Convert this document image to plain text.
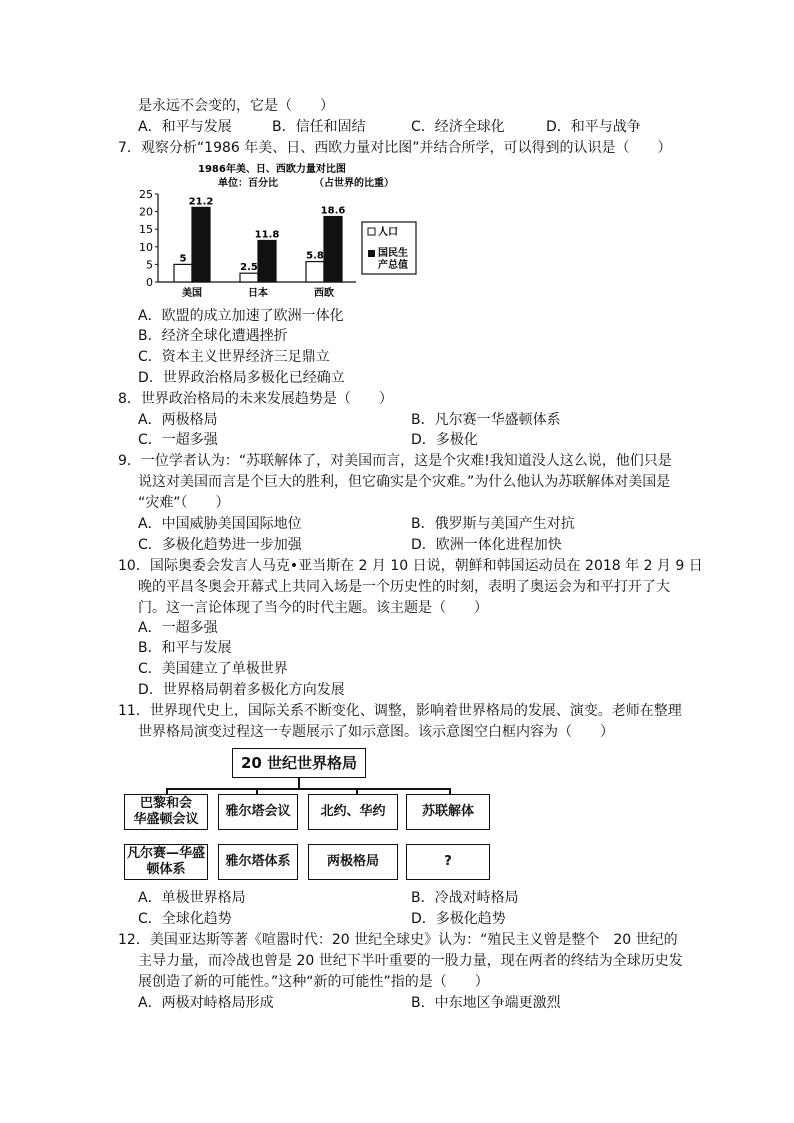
是永远不会变的，它是（　　）
A．和平与发展	B．信任和固结	C．经济全球化	D．和平与战争
7．观察分析“1986 年美、日、西欧力量对比图”并结合所学，可以得到的认识是（　　）
1986年美、日、西欧力量对比图
单位：百分比	（占世界的比重）
0
5
10
15
20
25
5
21.2
2.5
11.8
5.8
18.6
美国	日本	西欧
人口
国民生
产总值
A．欧盟的成立加速了欧洲一体化
B．经济全球化遭遇挫折
C．资本主义世界经济三足鼎立
D．世界政治格局多极化已经确立
8．世界政治格局的未来发展趋势是（　　）
A．两极格局	B．凡尔赛一华盛顿体系
C．一超多强	D．多极化
9．一位学者认为：“苏联解体了，对美国而言，这是个灾难!我知道没人这么说，他们只是
说这对美国而言是个巨大的胜利，但它确实是个灾难。”为什么他认为苏联解体对美国是
“灾难”（　　）
A．中国威胁美国国际地位	B．俄罗斯与美国产生对抗
C．多极化趋势进一步加强	D．欧洲一体化进程加快
10．国际奥委会发言人马克•亚当斯在 2 月 10 日说，朝鲜和韩国运动员在 2018 年 2 月 9 日
晚的平昌冬奥会开幕式上共同入场是一个历史性的时刻，表明了奥运会为和平打开了大
门。这一言论体现了当今的时代主题。该主题是（　　）
A．一超多强
B．和平与发展
C．美国建立了单极世界
D．世界格局朝着多极化方向发展
11．世界现代史上，国际关系不断变化、调整，影响着世界格局的发展、演变。老师在整理
世界格局演变过程这一专题展示了如示意图。该示意图空白框内容为（　　）
20 世纪世界格局
巴黎和会
华盛顿会议
雅尔塔会议	北约、华约	苏联解体
凡尔赛—华盛
顿体系
雅尔塔体系	两极格局	?
A．单极世界格局	B．冷战对峙格局
C．全球化趋势	D．多极化趋势
12．美国亚达斯等著《喧嚣时代：20 世纪全球史》认为：“殖民主义曾是整个　20 世纪的
主导力量，而冷战也曾是 20 世纪下半叶重要的一股力量，现在两者的终结为全球历史发
展创造了新的可能性。”这种“新的可能性”指的是（　　）
A．两极对峙格局形成	B．中东地区争端更激烈
